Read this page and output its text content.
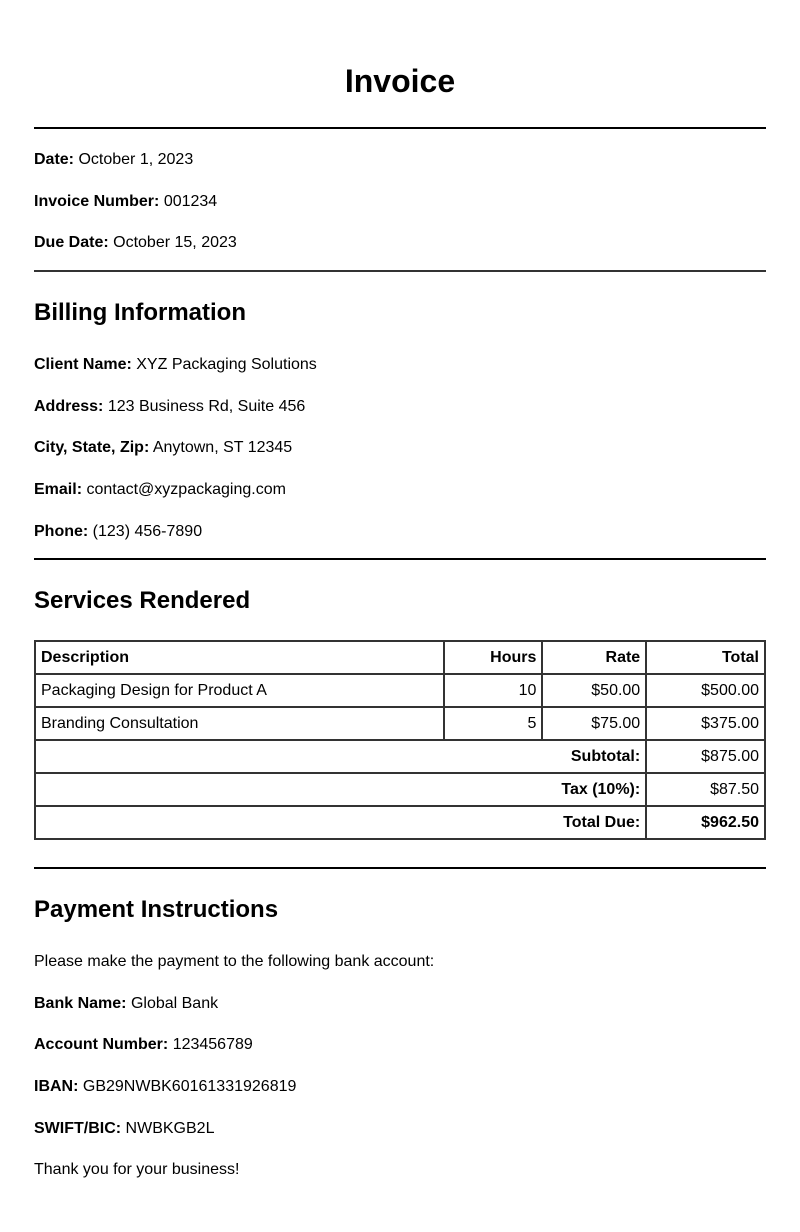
Invoice
Date: October 1, 2023
Invoice Number: 001234
Due Date: October 15, 2023
Billing Information
Client Name: XYZ Packaging Solutions
Address: 123 Business Rd, Suite 456
City, State, Zip: Anytown, ST 12345
Email: contact@xyzpackaging.com
Phone: (123) 456-7890
Services Rendered
Description	Hours	Rate	Total
Packaging Design for Product A	10	$50.00	$500.00
Branding Consultation	5	$75.00	$375.00
Subtotal:			$875.00
Tax (10%):			$87.50
Total Due:			$962.50
Payment Instructions
Please make the payment to the following bank account:
Bank Name: Global Bank
Account Number: 123456789
IBAN: GB29NWBK60161331926819
SWIFT/BIC: NWBKGB2L
Thank you for your business!
